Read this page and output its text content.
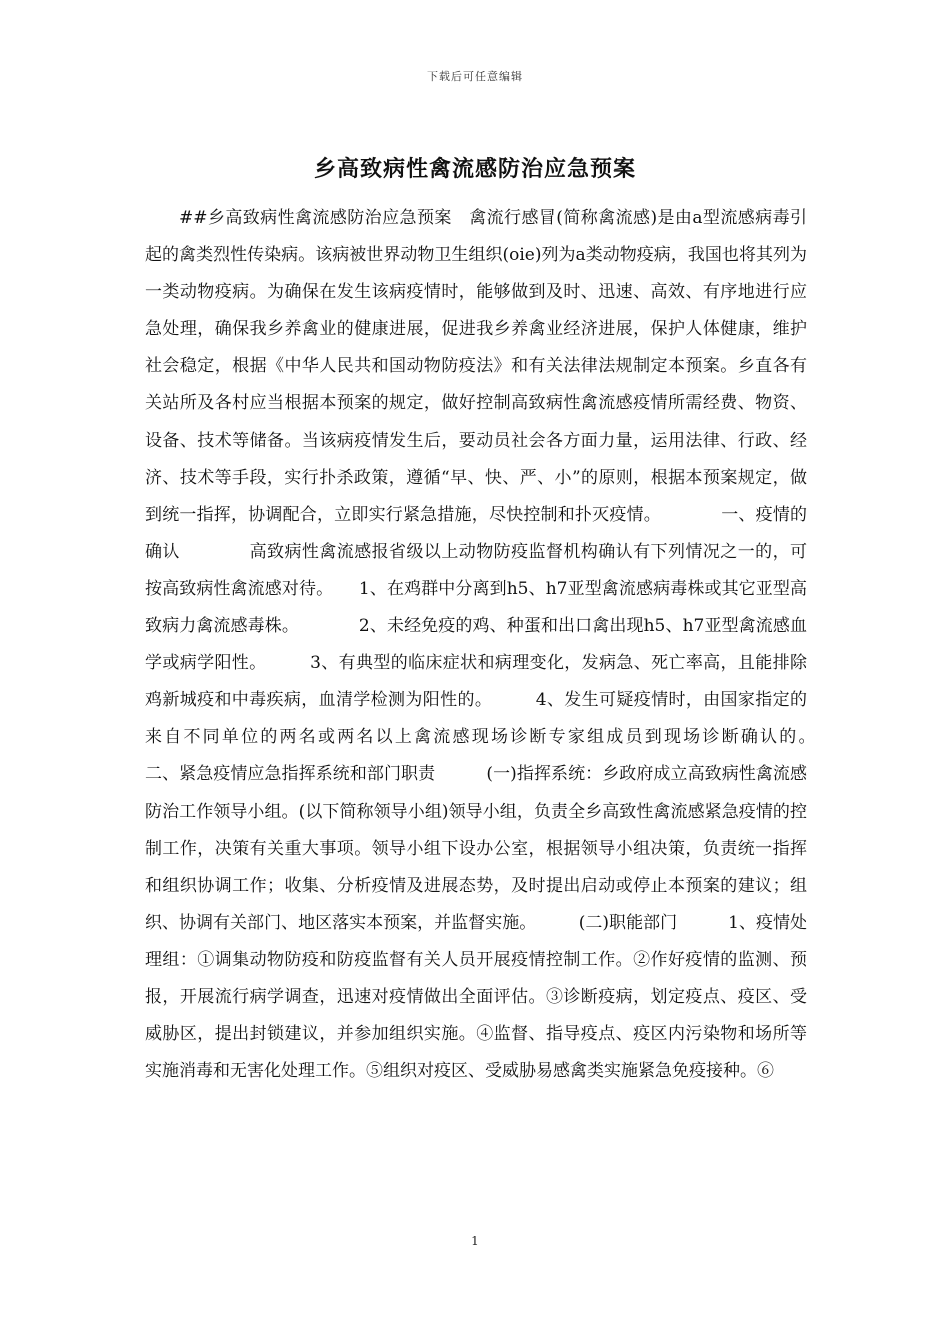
下载后可任意编辑
乡高致病性禽流感防治应急预案
##乡高致病性禽流感防治应急预案　禽流行感冒(简称禽流感)是由a型流感病毒引起的禽类烈性传染病。该病被世界动物卫生组织(oie)列为a类动物疫病，我国也将其列为一类动物疫病。为确保在发生该病疫情时，能够做到及时、迅速、高效、有序地进行应急处理，确保我乡养禽业的健康进展，促进我乡养禽业经济进展，保护人体健康，维护社会稳定，根据《中华人民共和国动物防疫法》和有关法律法规制定本预案。乡直各有关站所及各村应当根据本预案的规定，做好控制高致病性禽流感疫情所需经费、物资、设备、技术等储备。当该病疫情发生后，要动员社会各方面力量，运用法律、行政、经济、技术等手段，实行扑杀政策，遵循“早、快、严、小”的原则，根据本预案规定，做到统一指挥，协调配合，立即实行紧急措施，尽快控制和扑灭疫情。　　　　一、疫情的确认　　　　高致病性禽流感报省级以上动物防疫监督机构确认有下列情况之一的，可按高致病性禽流感对待。　　1、在鸡群中分离到h5、h7亚型禽流感病毒株或其它亚型高致病力禽流感毒株。　　　　2、未经免疫的鸡、种蛋和出口禽出现h5、h7亚型禽流感血学或病学阳性。　　　3、有典型的临床症状和病理变化，发病急、死亡率高，且能排除鸡新城疫和中毒疾病，血清学检测为阳性的。　　　4、发生可疑疫情时，由国家指定的来自不同单位的两名或两名以上禽流感现场诊断专家组成员到现场诊断确认的。　　　二、紧急疫情应急指挥系统和部门职责　　　(一)指挥系统：乡政府成立高致病性禽流感防治工作领导小组。(以下简称领导小组)领导小组，负责全乡高致性禽流感紧急疫情的控制工作，决策有关重大事项。领导小组下设办公室，根据领导小组决策，负责统一指挥和组织协调工作；收集、分析疫情及进展态势，及时提出启动或停止本预案的建议；组织、协调有关部门、地区落实本预案，并监督实施。　　　(二)职能部门　　　1、疫情处理组：①调集动物防疫和防疫监督有关人员开展疫情控制工作。②作好疫情的监测、预报，开展流行病学调查，迅速对疫情做出全面评估。③诊断疫病，划定疫点、疫区、受威胁区，提出封锁建议，并参加组织实施。④监督、指导疫点、疫区内污染物和场所等实施消毒和无害化处理工作。⑤组织对疫区、受威胁易感禽类实施紧急免疫接种。⑥
1
